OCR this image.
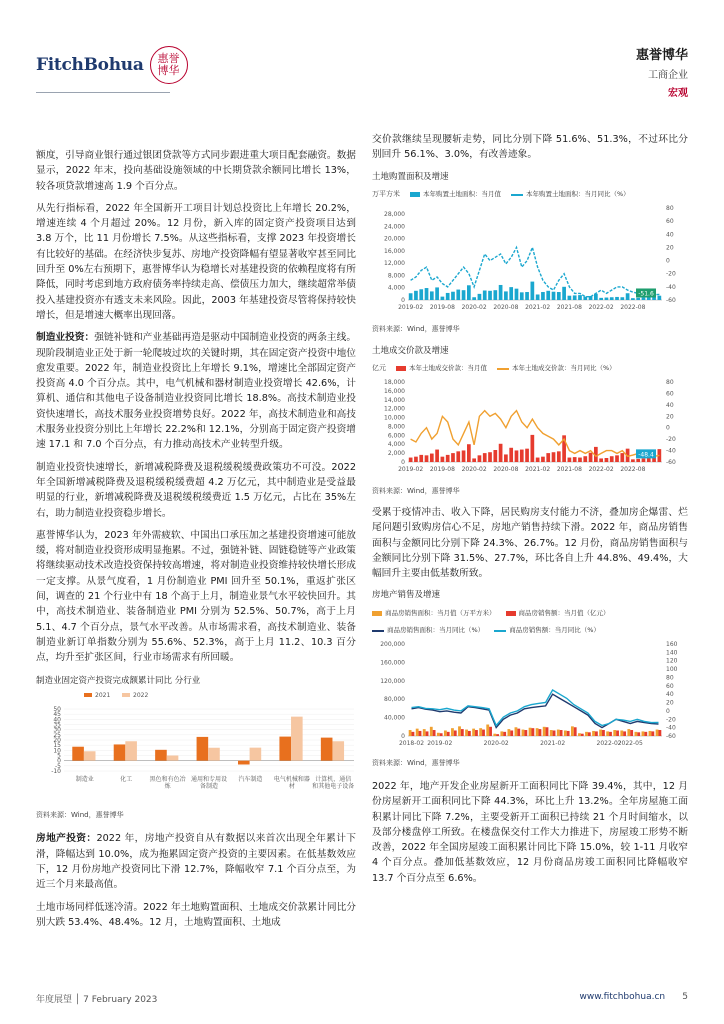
FitchBohua 惠誉
博华
惠誉博华
工商企业
宏观

额度，引导商业银行通过银团贷款等方式同步跟进重大项目配套融资。数据显示，2022 年末，投向基础设施领域的中长期贷款余额同比增长 13%，较各项贷款增速高 1.9 个百分点。

从先行指标看，2022 年全国新开工项目计划总投资比上年增长 20.2%，增速连续 4 个月超过 20%。12 月份，新入库的固定资产投资项目达到 3.8 万个，比 11 月份增长 7.5%。从这些指标看，支撑 2023 年投资增长有比较好的基础。在经济快步复苏、房地产投资降幅有望显著收窄甚至同比回升至 0%左右预期下，惠誉博华认为稳增长对基建投资的依赖程度将有所降低，同时考虑到地方政府债务率持续走高、偿债压力加大，继续超常举债投入基建投资亦有透支未来风险。因此，2003 年基建投资尽管将保持较快增长，但是增速大概率出现回落。

制造业投资：强链补链和产业基础再造是驱动中国制造业投资的两条主线。现阶段制造业正处于新一轮爬坡过坎的关键时期，其在固定资产投资中地位愈发重要。2022 年，制造业投资比上年增长 9.1%，增速比全部固定资产投资高 4.0 个百分点。其中，电气机械和器材制造业投资增长 42.6%，计算机、通信和其他电子设备制造业投资同比增长 18.8%。高技术制造业投资快速增长，高技术服务业投资增势良好。2022 年，高技术制造业和高技术服务业投资分别比上年增长 22.2%和 12.1%，分别高于固定资产投资增速 17.1 和 7.0 个百分点，有力推动高技术产业转型升级。

制造业投资快速增长，新增减税降费及退税缓税缓费政策功不可没。2022 年全国新增减税降费及退税缓税缓费超 4.2 万亿元，其中制造业是受益最明显的行业，新增减税降费及退税缓税缓费近 1.5 万亿元，占比在 35%左右，助力制造业投资稳步增长。

惠誉博华认为，2023 年外需疲软、中国出口承压加之基建投资增速可能放缓，将对制造业投资形成明显拖累。不过，强链补链、固链稳链等产业政策将继续驱动技术改造投资保持较高增速，将对制造业投资维持较快增长形成一定支撑。从景气度看，1 月份制造业 PMI 回升至 50.1%，重返扩张区间，调查的 21 个行业中有 18 个高于上月，制造业景气水平较快回升。其中，高技术制造业、装备制造业 PMI 分别为 52.5%、50.7%，高于上月 5.1、4.7 个百分点，景气水平改善。从市场需求看，高技术制造业、装备制造业新订单指数分别为 55.6%、52.3%，高于上月 11.2、10.3 百分点，均升至扩张区间，行业市场需求有所回暖。

制造业固定资产投资完成额累计同比 分行业
-10
-5
0
5
10
15
20
25
30
35
40
45
50
2021	2022
制造业	化工	黑色和有色冶
炼
通用和专用设
备制造
汽车制造 电气机械和器
材
计算机、通信
和其他电子设备
资料来源：Wind，惠誉博华

房地产投资：2022 年，房地产投资自从有数据以来首次出现全年累计下滑，降幅达到 10.0%，成为拖累固定资产投资的主要因素。在低基数效应下，12 月份房地产投资同比下滑 12.7%，降幅收窄 7.1 个百分点至，为近三个月来最高值。

土地市场同样低迷冷清。2022 年土地购置面积、土地成交价款累计同比分别大跌 53.4%、48.4%。12 月，土地购置面积、土地成

交价款继续呈现腰斩走势，同比分别下降 51.6%、51.3%，不过环比分别回升 56.1%、3.0%，有改善迹象。

土地购置面积及增速
万平方米	本年购置土地面积：当月值	本年购置土地面积：当月同比（%）
0
4,000
8,000
12,000
16,000
20,000
24,000
28,000
-60
-40
-20
0
20
40
60
80
2019-02 2019-08 2020-02 2020-08 2021-02 2021-08 2022-02 2022-08
-51.6
资料来源：Wind，惠誉博华
土地成交价款及增速
亿元	本年土地成交价款：当月值	本年土地成交价款：当月同比（%）
0
2,000
4,000
6,000
8,000
10,000
12,000
14,000
16,000
18,000
-60
-40
-20
0
20
40
60
80
2019-02 2019-08 2020-02 2020-08 2021-02 2021-08 2022-02 2022-08
-48.4
资料来源：Wind，惠誉博华

受累于疫情冲击、收入下降，居民购房支付能力不济，叠加房企爆雷、烂尾问题引致购房信心不足，房地产销售持续下滑。2022 年，商品房销售面积与金额同比分别下降 24.3%、26.7%。12 月份，商品房销售面积与金额同比分别下降 31.5%、27.7%，环比各自上升 44.8%、49.4%，大幅回升主要由低基数所致。

房地产销售及增速
商品房销售面积：当月值（万平方米）	商品房销售额：当月值（亿元）
商品房销售面积：当月同比（%）	商品房销售额：当月同比（%）
0
40,000
80,000
120,000
160,000
200,000
-60
-40
-20
0
20
40
60
80
100
120
140
160
2018-02 2019-02	2020-02	2021-02	2022-02
2022-05
资料来源：Wind，惠誉博华

2022 年，地产开发企业房屋新开工面积同比下降 39.4%，其中，12 月份房屋新开工面积同比下降 44.3%，环比上升 13.2%。全年房屋施工面积累计同比下降 7.2%，主要受新开工面积已持续 21 个月时间缩水，以及部分楼盘停工所致。在楼盘保交付工作大力推进下，房屋竣工形势不断改善，2022 年全国房屋竣工面积累计同比下降 15.0%，较 1-11 月收窄 4 个百分点。叠加低基数效应，12 月份商品房竣工面积同比降幅收窄 13.7 个百分点至 6.6%。

年度展望 │ 7 February 2023	www.fitchbohua.cn 5
